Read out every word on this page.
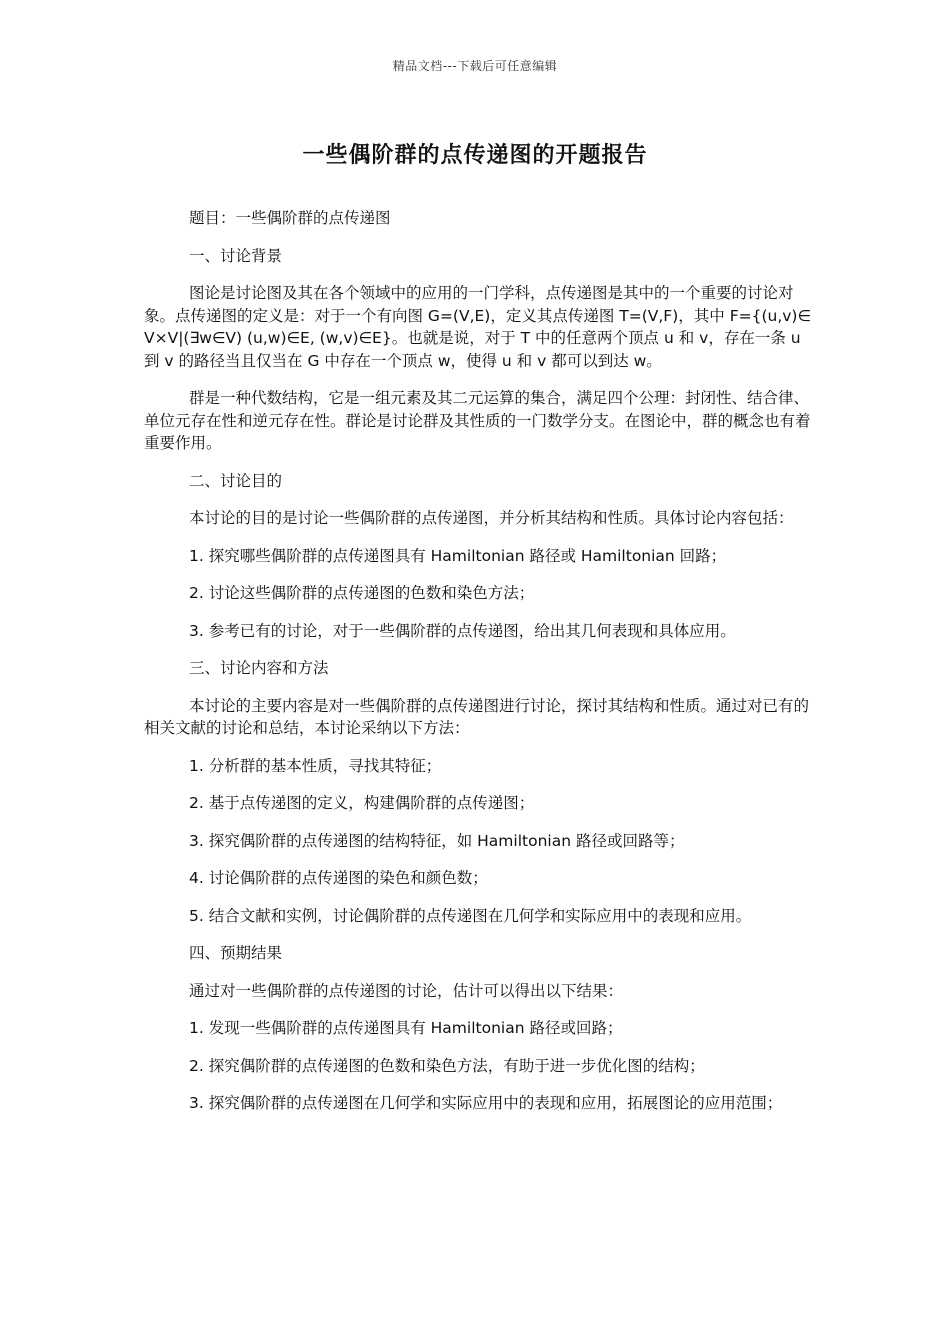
精品文档---下载后可任意编辑
一些偶阶群的点传递图的开题报告

题目：一些偶阶群的点传递图

一、讨论背景

图论是讨论图及其在各个领域中的应用的一门学科，点传递图是其中的一个重要的讨论对象。点传递图的定义是：对于一个有向图 G=(V,E)，定义其点传递图 T=(V,F)，其中 F={(u,v)∈V×V|(∃w∈V) (u,w)∈E, (w,v)∈E}。也就是说，对于 T 中的任意两个顶点 u 和 v，存在一条 u 到 v 的路径当且仅当在 G 中存在一个顶点 w，使得 u 和 v 都可以到达 w。

群是一种代数结构，它是一组元素及其二元运算的集合，满足四个公理：封闭性、结合律、单位元存在性和逆元存在性。群论是讨论群及其性质的一门数学分支。在图论中，群的概念也有着重要作用。

二、讨论目的

本讨论的目的是讨论一些偶阶群的点传递图，并分析其结构和性质。具体讨论内容包括：

1. 探究哪些偶阶群的点传递图具有 Hamiltonian 路径或 Hamiltonian 回路；

2. 讨论这些偶阶群的点传递图的色数和染色方法；

3. 参考已有的讨论，对于一些偶阶群的点传递图，给出其几何表现和具体应用。

三、讨论内容和方法

本讨论的主要内容是对一些偶阶群的点传递图进行讨论，探讨其结构和性质。通过对已有的相关文献的讨论和总结，本讨论采纳以下方法：

1. 分析群的基本性质，寻找其特征；

2. 基于点传递图的定义，构建偶阶群的点传递图；

3. 探究偶阶群的点传递图的结构特征，如 Hamiltonian 路径或回路等；

4. 讨论偶阶群的点传递图的染色和颜色数；

5. 结合文献和实例，讨论偶阶群的点传递图在几何学和实际应用中的表现和应用。

四、预期结果

通过对一些偶阶群的点传递图的讨论，估计可以得出以下结果：

1. 发现一些偶阶群的点传递图具有 Hamiltonian 路径或回路；

2. 探究偶阶群的点传递图的色数和染色方法，有助于进一步优化图的结构；

3. 探究偶阶群的点传递图在几何学和实际应用中的表现和应用，拓展图论的应用范围；
